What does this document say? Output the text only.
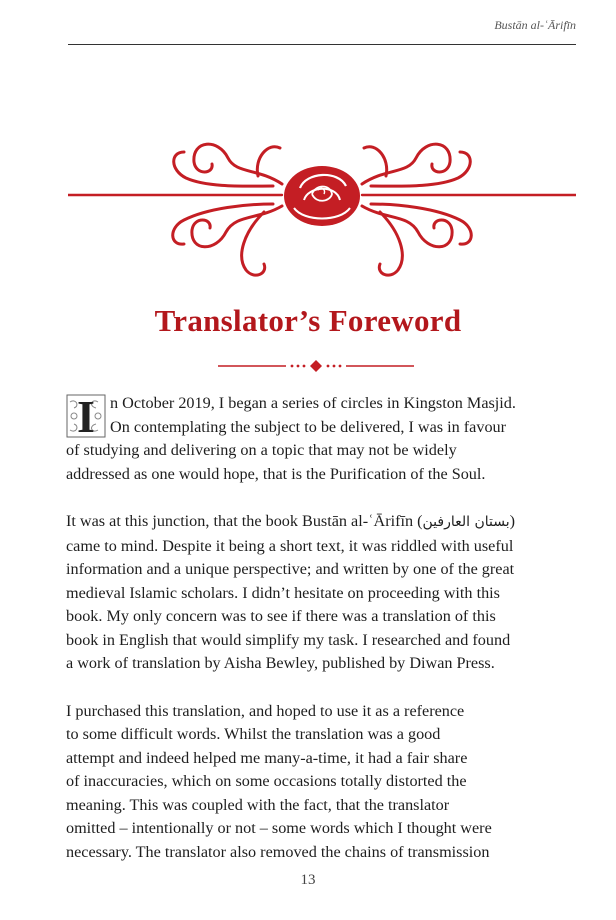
Bustān al-ʿĀrifīn
Translator’s Foreword

I n October 2019, I began a series of circles in Kingston Masjid.
On contemplating the subject to be delivered, I was in favour
of studying and delivering on a topic that may not be widely
addressed as one would hope, that is the Purification of the Soul.

It was at this junction, that the book Bustān al-ʿĀrifīn (بستان العارفين)
came to mind. Despite it being a short text, it was riddled with useful
information and a unique perspective; and written by one of the great
medieval Islamic scholars. I didn’t hesitate on proceeding with this
book. My only concern was to see if there was a translation of this
book in English that would simplify my task. I researched and found
a work of translation by Aisha Bewley, published by Diwan Press.

I purchased this translation, and hoped to use it as a reference
to some difficult words. Whilst the translation was a good
attempt and indeed helped me many-a-time, it had a fair share
of inaccuracies, which on some occasions totally distorted the
meaning. This was coupled with the fact, that the translator
omitted – intentionally or not – some words which I thought were
necessary. The translator also removed the chains of transmission

13
